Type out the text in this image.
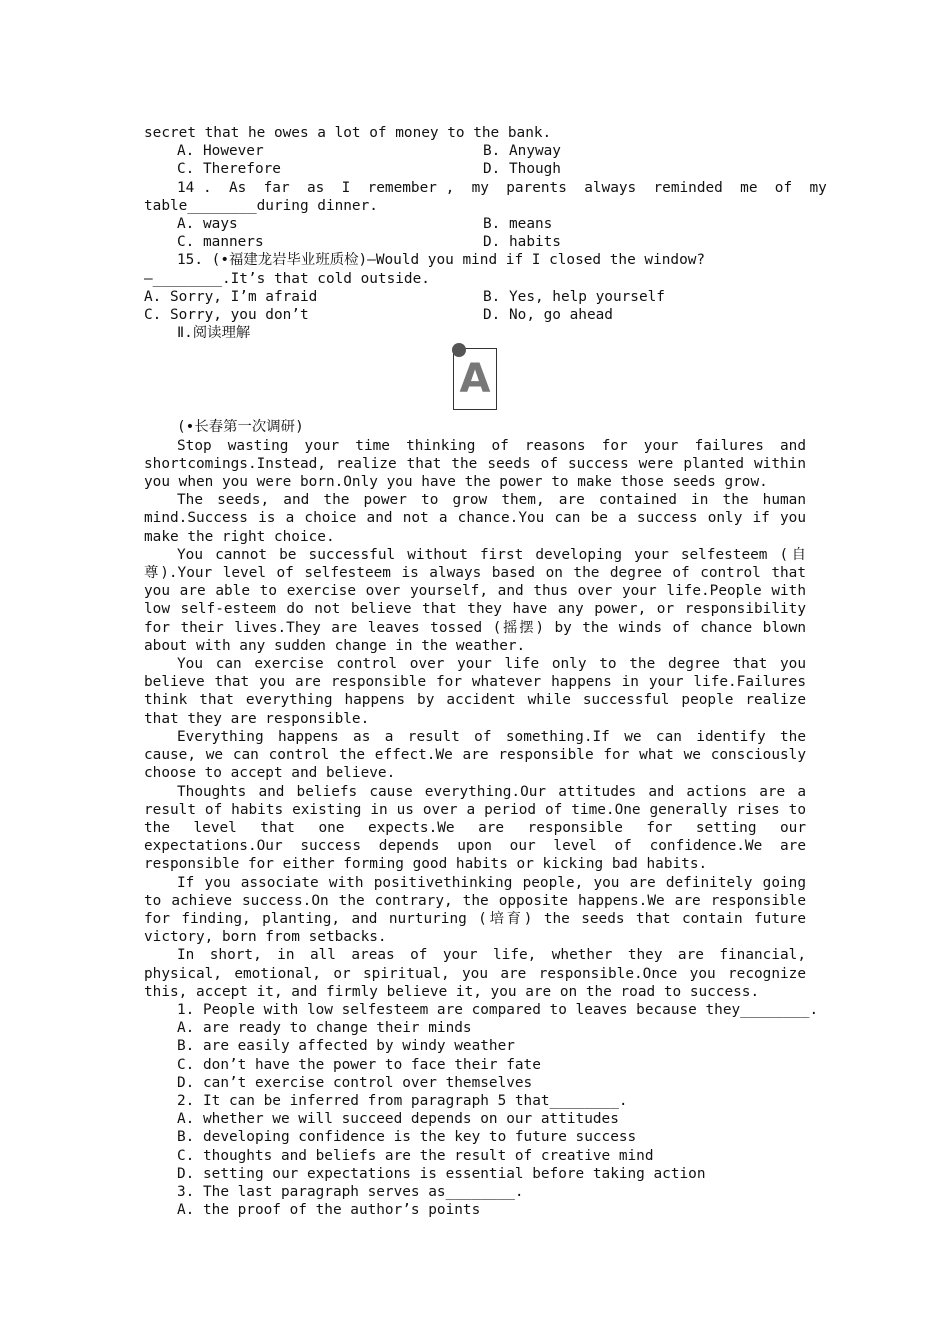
secret that he owes a lot of money to the bank.

A. However	B. Anyway
C. Therefore	D. Though

14 .  As  far  as  I  remember ,  my  parents  always  reminded  me  of  my

table________during dinner.

A. ways	B. means
C. manners	D. habits

15. (•福建龙岩毕业班质检)—Would you mind if I closed the window?

—________.It’s that cold outside.

A. Sorry, I’m afraid	B. Yes, help yourself
C. Sorry, you don’t	D. No, go ahead

Ⅱ.阅读理解

A

(•长春第一次调研)

Stop wasting your time thinking of reasons for your failures and shortcomings.Instead, realize that the seeds of success were planted within you when you were born.Only you have the power to make those seeds grow.

The seeds, and the power to grow them, are contained in the human mind.Success is a choice and not a chance.You can be a success only if you make the right choice.

You cannot be successful without first developing your selfesteem (自尊).Your level of selfesteem is always based on the degree of control that you are able to exercise over yourself, and thus over your life.People with low self-esteem do not believe that they have any power, or responsibility for their lives.They are leaves tossed (摇摆) by the winds of chance blown about with any sudden change in the weather.

You can exercise control over your life only to the degree that you believe that you are responsible for whatever happens in your life.Failures think that everything happens by accident while successful people realize that they are responsible.

Everything happens as a result of something.If we can identify the cause, we can control the effect.We are responsible for what we consciously choose to accept and believe.

Thoughts and beliefs cause everything.Our attitudes and actions are a result of habits existing in us over a period of time.One generally rises to the level that one expects.We are responsible for setting our expectations.Our success depends upon our level of confidence.We are responsible for either forming good habits or kicking bad habits.

If you associate with positivethinking people, you are definitely going to achieve success.On the contrary, the opposite happens.We are responsible for finding, planting, and nurturing (培育) the seeds that contain future victory, born from setbacks.

In short, in all areas of your life, whether they are financial, physical, emotional, or spiritual, you are responsible.Once you recognize this, accept it, and firmly believe it, you are on the road to success.

1. People with low selfesteem are compared to leaves because they________.

A. are ready to change their minds

B. are easily affected by windy weather

C. don’t have the power to face their fate

D. can’t exercise control over themselves

2. It can be inferred from paragraph 5 that________.

A. whether we will succeed depends on our attitudes

B. developing confidence is the key to future success

C. thoughts and beliefs are the result of creative mind

D. setting our expectations is essential before taking action

3. The last paragraph serves as________.

A. the proof of the author’s points
